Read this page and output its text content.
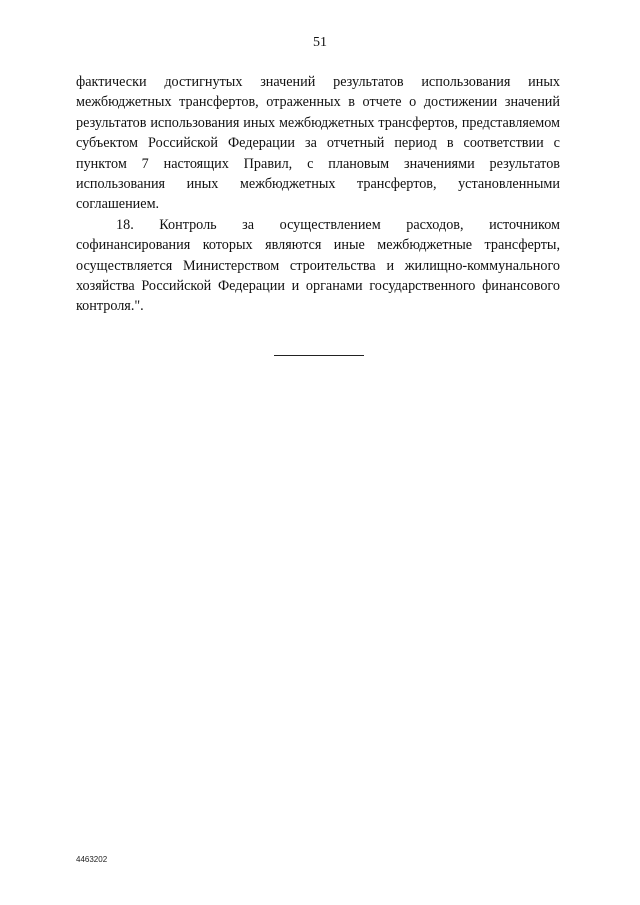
51

фактически достигнутых значений результатов использования иных межбюджетных трансфертов, отраженных в отчете о достижении значений результатов использования иных межбюджетных трансфертов, представляемом субъектом Российской Федерации за отчетный период в соответствии с пунктом 7 настоящих Правил, с плановым значениями результатов использования иных межбюджетных трансфертов, установленными соглашением.

18. Контроль за осуществлением расходов, источником софинансирования которых являются иные межбюджетные трансферты, осуществляется Министерством строительства и жилищно-коммунального хозяйства Российской Федерации и органами государственного финансового контроля.".

4463202
